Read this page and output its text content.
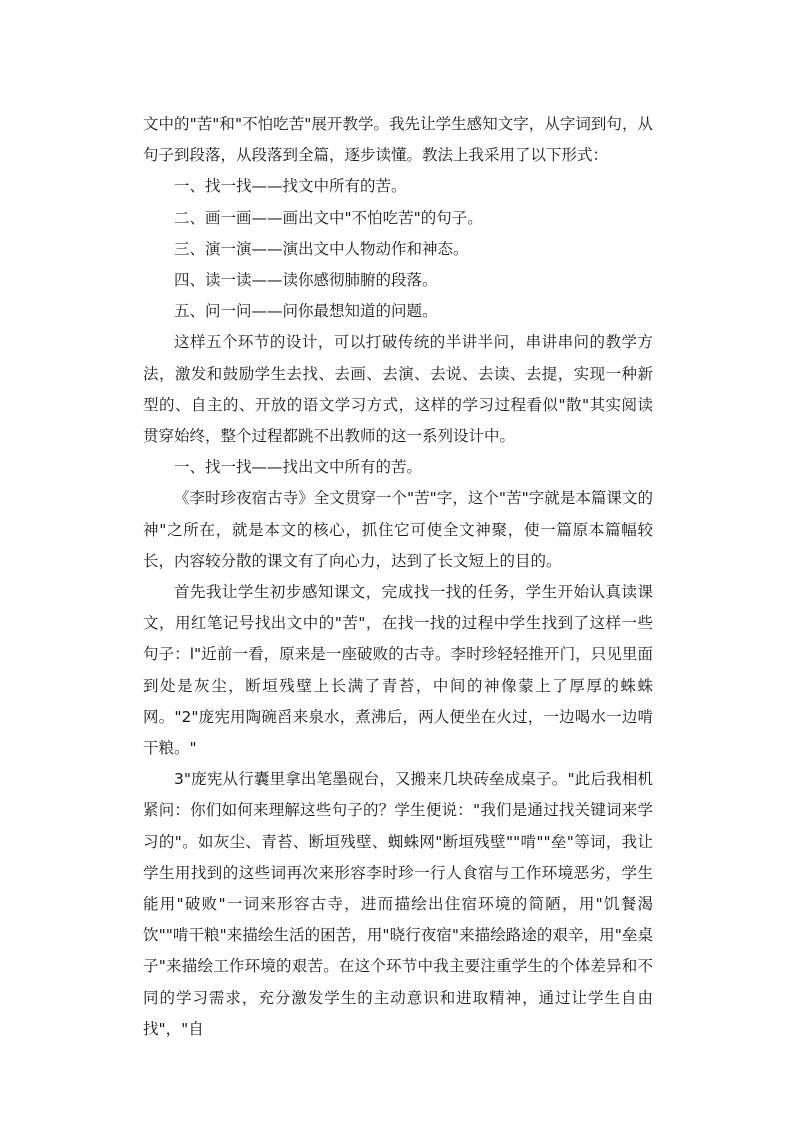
文中的"苦"和"不怕吃苦"展开教学。我先让学生感知文字，从字词到句，从句子到段落，从段落到全篇，逐步读懂。教法上我采用了以下形式：

一、找一找——找文中所有的苦。

二、画一画——画出文中"不怕吃苦"的句子。

三、演一演——演出文中人物动作和神态。

四、读一读——读你感彻肺腑的段落。

五、问一问——问你最想知道的问题。

这样五个环节的设计，可以打破传统的半讲半问，串讲串问的教学方法，激发和鼓励学生去找、去画、去演、去说、去读、去提，实现一种新型的、自主的、开放的语文学习方式，这样的学习过程看似"散"其实阅读贯穿始终，整个过程都跳不出教师的这一系列设计中。

一、找一找——找出文中所有的苦。

《李时珍夜宿古寺》全文贯穿一个"苦"字，这个"苦"字就是本篇课文的神"之所在，就是本文的核心，抓住它可使全文神聚，使一篇原本篇幅较长，内容较分散的课文有了向心力，达到了长文短上的目的。

首先我让学生初步感知课文，完成找一找的任务，学生开始认真读课文，用红笔记号找出文中的"苦"，在找一找的过程中学生找到了这样一些句子：l"近前一看，原来是一座破败的古寺。李时珍轻轻推开门，只见里面到处是灰尘，断垣残壁上长满了青苔，中间的神像蒙上了厚厚的蛛蛛网。"2"庞宪用陶碗舀来泉水，煮沸后，两人便坐在火过，一边喝水一边啃干粮。"

3"庞宪从行囊里拿出笔墨砚台，又搬来几块砖垒成桌子。"此后我相机紧问：你们如何来理解这些句子的？学生便说："我们是通过找关键词来学习的"。如灰尘、青苔、断垣残壁、蜘蛛网"断垣残壁""啃""垒"等词，我让学生用找到的这些词再次来形容李时珍一行人食宿与工作环境恶劣，学生能用"破败"一词来形容古寺，进而描绘出住宿环境的简陋，用"饥餐渴饮""啃干粮"来描绘生活的困苦，用"晓行夜宿"来描绘路途的艰辛，用"垒桌子"来描绘工作环境的艰苦。在这个环节中我主要注重学生的个体差异和不同的学习需求，充分激发学生的主动意识和进取精神，通过让学生自由找"，"自
